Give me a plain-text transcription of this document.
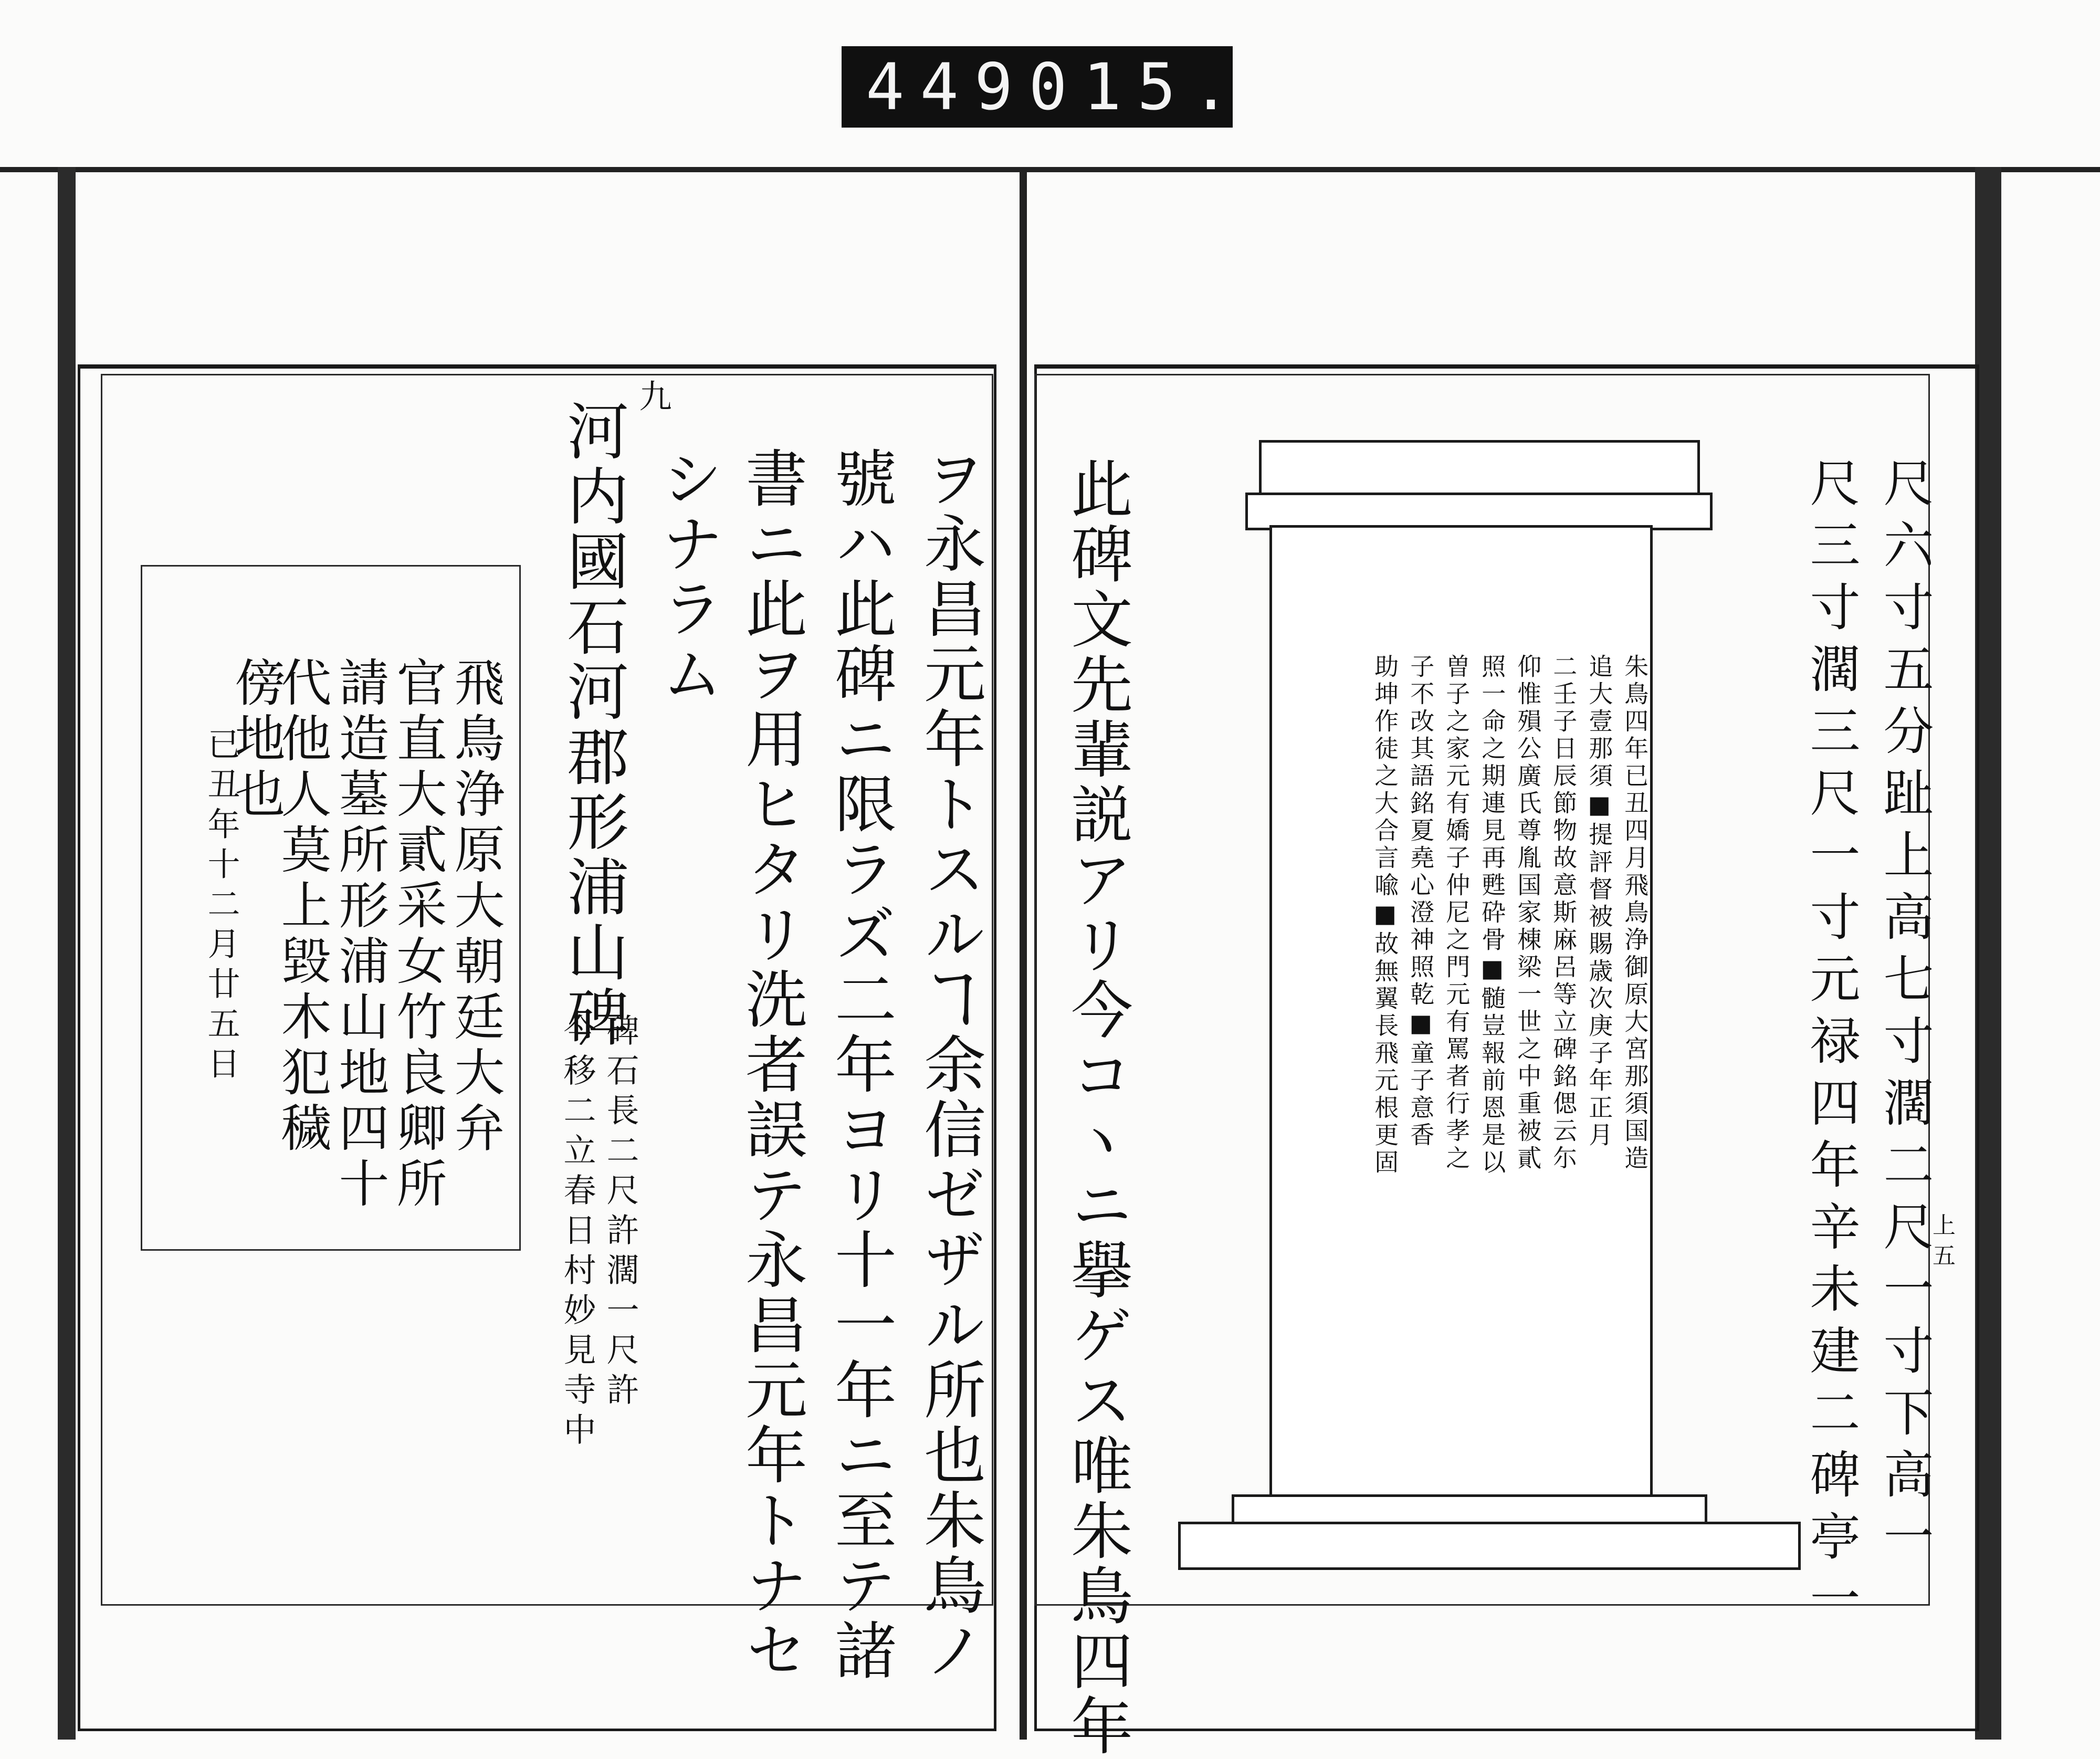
449 015.
ヲ永昌元年トスルヿ余信ゼザル所也朱鳥ノ
號ハ此碑ニ限ラズ二年ヨリ十一年ニ至テ諸
書ニ此ヲ用ヒタリ洗者誤テ永昌元年トナセ
シナラム
九
河内國石河郡形浦山碑
碑石長二尺許濶一尺許
今移二立春日村妙見寺中
飛鳥浄原大朝廷大弁
官直大貳采女竹良卿所
請造墓所形浦山地四十
代他人莫上毀木犯穢
傍地也
已丑年十二月廿五日	此碑文先輩説アリ今コヽニ擧ゲス唯朱鳥四年	朱鳥四年已丑四月飛鳥浄御原大宮那須国造
追大壹那須■提評督被賜歳次庚子年正月
二壬子日辰節物故意斯麻呂等立碑銘偲云尓
仰惟殞公廣氏尊胤国家棟梁一世之中重被貳
照一命之期連見再甦砕骨■髄豈報前恩是以
曽子之家元有嬌子仲尼之門元有罵者行孝之
子不改其語銘夏堯心澄神照乾■童子意香
助坤作徒之大合言喩■故無翼長飛元根更固	尺六寸五分趾上高七寸濶二尺一寸下高一
尺三寸濶三尺一寸元禄四年辛未建二碑亭一	上五
